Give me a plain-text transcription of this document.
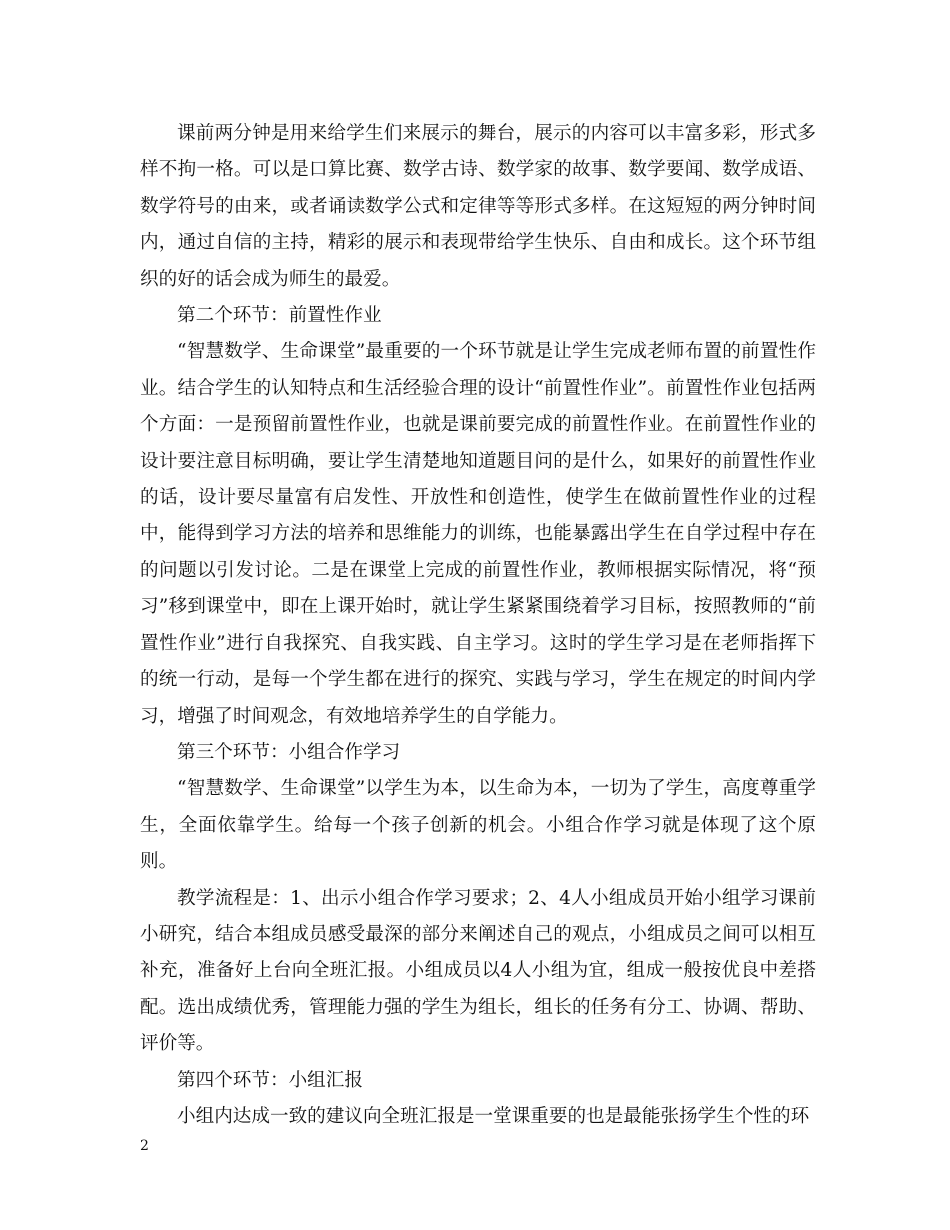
课前两分钟是用来给学生们来展示的舞台，展示的内容可以丰富多彩，形式多样不拘一格。可以是口算比赛、数学古诗、数学家的故事、数学要闻、数学成语、数学符号的由来，或者诵读数学公式和定律等等形式多样。在这短短的两分钟时间内，通过自信的主持，精彩的展示和表现带给学生快乐、自由和成长。这个环节组织的好的话会成为师生的最爱。

第二个环节：前置性作业

“智慧数学、生命课堂”最重要的一个环节就是让学生完成老师布置的前置性作业。结合学生的认知特点和生活经验合理的设计“前置性作业”。前置性作业包括两个方面：一是预留前置性作业，也就是课前要完成的前置性作业。在前置性作业的设计要注意目标明确，要让学生清楚地知道题目问的是什么，如果好的前置性作业的话，设计要尽量富有启发性、开放性和创造性，使学生在做前置性作业的过程中，能得到学习方法的培养和思维能力的训练，也能暴露出学生在自学过程中存在的问题以引发讨论。二是在课堂上完成的前置性作业，教师根据实际情况，将“预习”移到课堂中，即在上课开始时，就让学生紧紧围绕着学习目标，按照教师的“前置性作业”进行自我探究、自我实践、自主学习。这时的学生学习是在老师指挥下的统一行动，是每一个学生都在进行的探究、实践与学习，学生在规定的时间内学习，增强了时间观念，有效地培养学生的自学能力。

第三个环节：小组合作学习

“智慧数学、生命课堂”以学生为本，以生命为本，一切为了学生，高度尊重学生，全面依靠学生。给每一个孩子创新的机会。小组合作学习就是体现了这个原则。

教学流程是：1、出示小组合作学习要求；2、4人小组成员开始小组学习课前小研究，结合本组成员感受最深的部分来阐述自己的观点，小组成员之间可以相互补充，准备好上台向全班汇报。小组成员以4人小组为宜，组成一般按优良中差搭配。选出成绩优秀，管理能力强的学生为组长，组长的任务有分工、协调、帮助、评价等。

第四个环节：小组汇报

小组内达成一致的建议向全班汇报是一堂课重要的也是最能张扬学生个性的环

2
